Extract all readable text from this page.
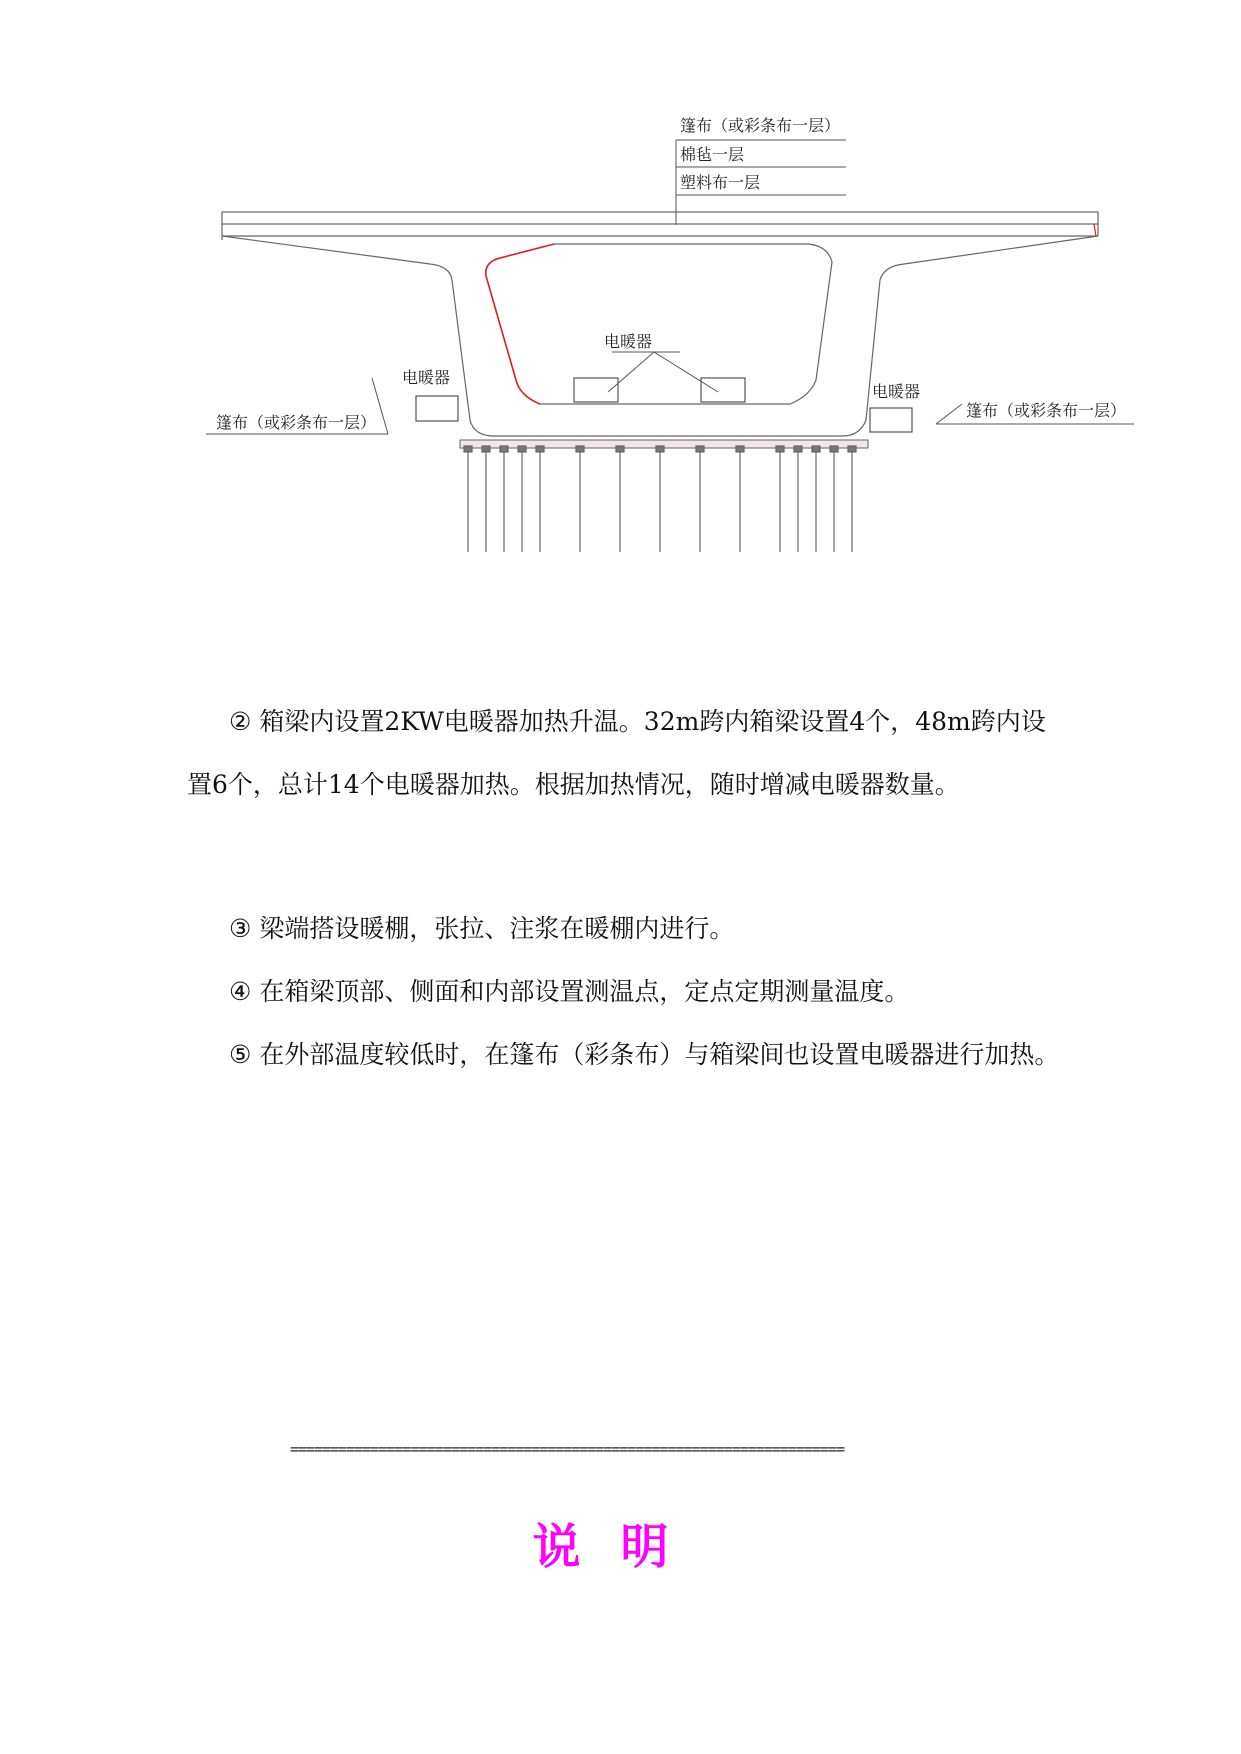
篷布（或彩条布一层）
棉毡一层
塑料布一层
电暖器
电暖器
电暖器
篷布（或彩条布一层）
篷布（或彩条布一层）

② 箱梁内设置2KW电暖器加热升温。32m跨内箱梁设置4个，48m跨内设置6个，总计14个电暖器加热。根据加热情况，随时增减电暖器数量。

③ 梁端搭设暖棚，张拉、注浆在暖棚内进行。

④ 在箱梁顶部、侧面和内部设置测温点，定点定期测量温度。

⑤ 在外部温度较低时，在篷布（彩条布）与箱梁间也设置电暖器进行加热。

=====================================================================
说明
